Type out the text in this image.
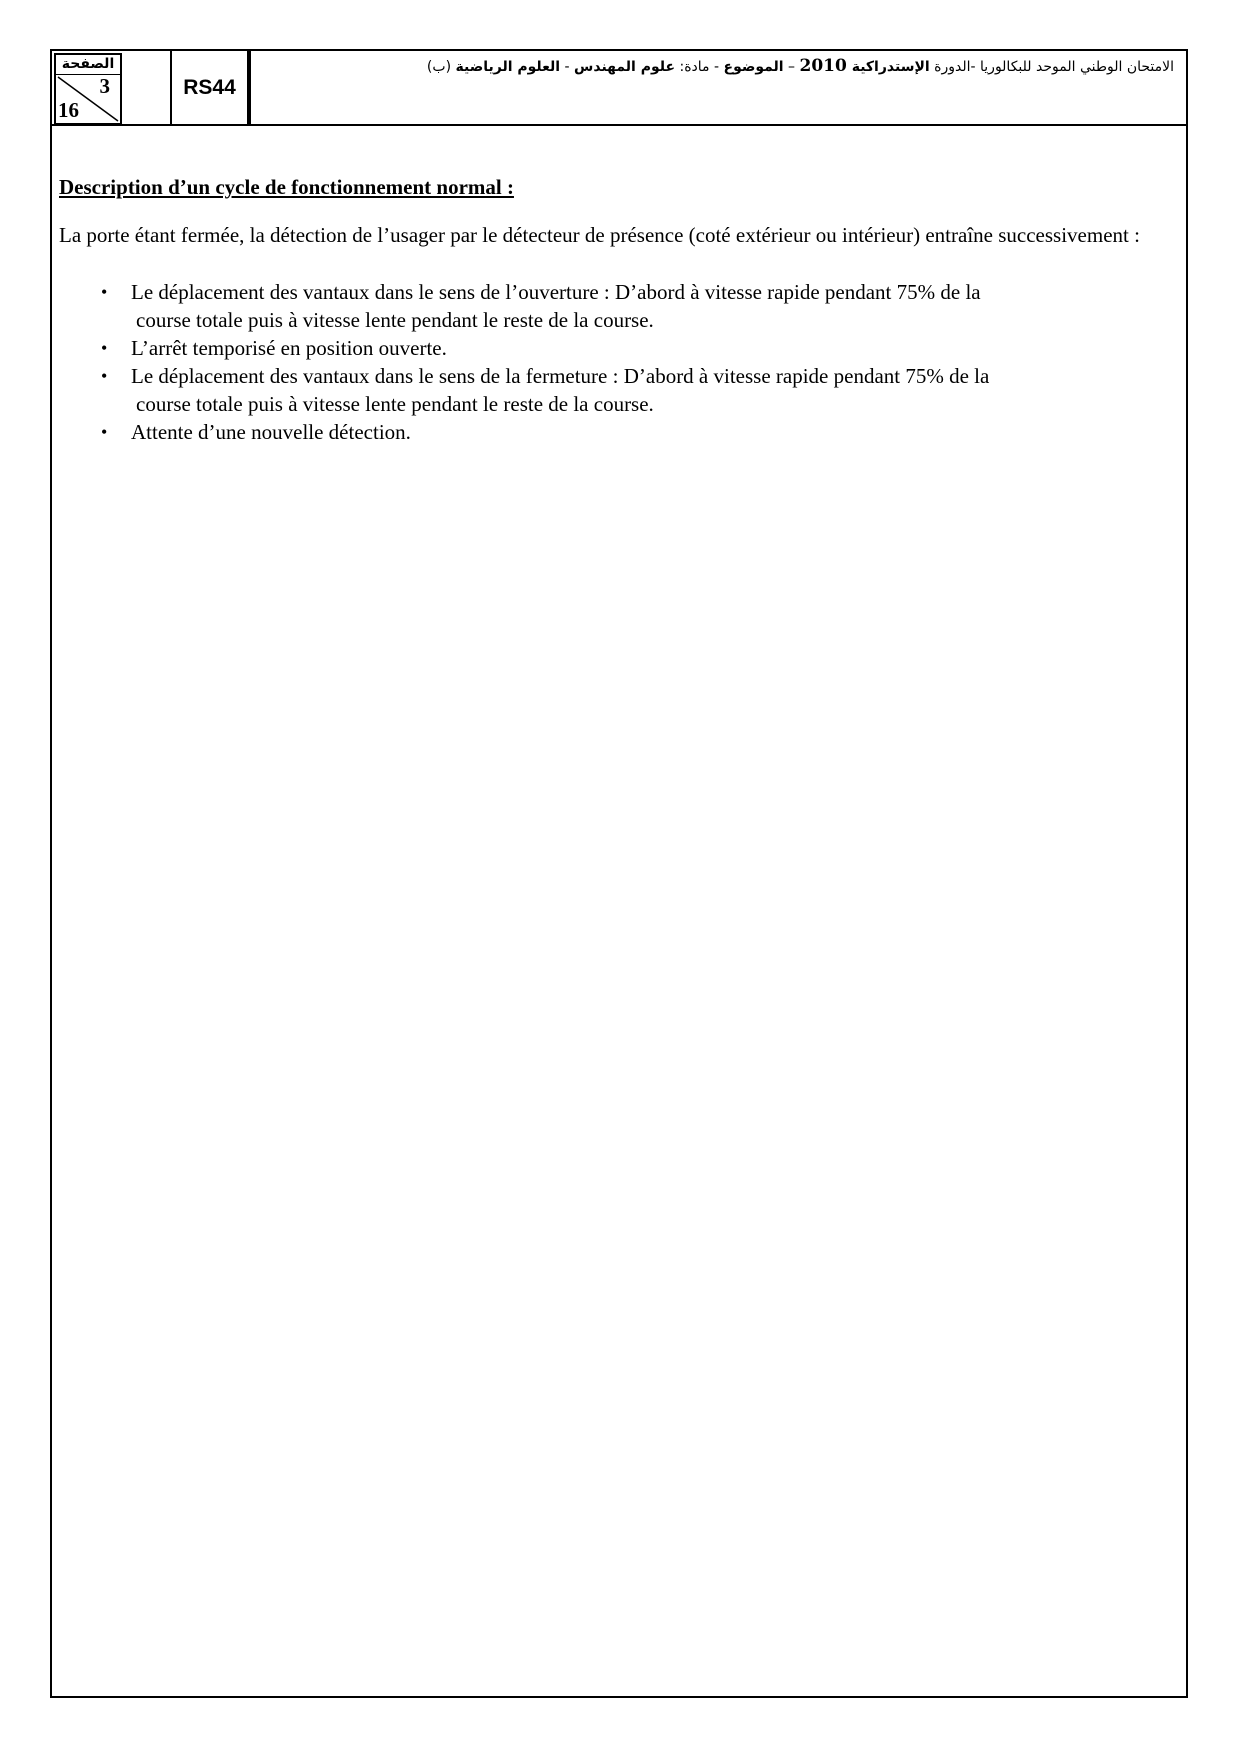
الصفحة
3
16
RS44
الامتحان الوطني الموحد للبكالوريا -الدورة الإستدراكية 2010 – الموضوع - مادة: علوم المهندس - العلوم الرياضية (ب)

Description d’un cycle de fonctionnement normal :

La porte étant fermée, la détection de l’usager par le détecteur de présence (coté extérieur ou intérieur) entraîne successivement :

• Le déplacement des vantaux dans le sens de l’ouverture : D’abord à vitesse rapide pendant 75% de la
course totale puis à vitesse lente pendant le reste de la course.
• L’arrêt temporisé en position ouverte.
• Le déplacement des vantaux dans le sens de la fermeture : D’abord à vitesse rapide pendant 75% de la
course totale puis à vitesse lente pendant le reste de la course.
• Attente d’une nouvelle détection.
